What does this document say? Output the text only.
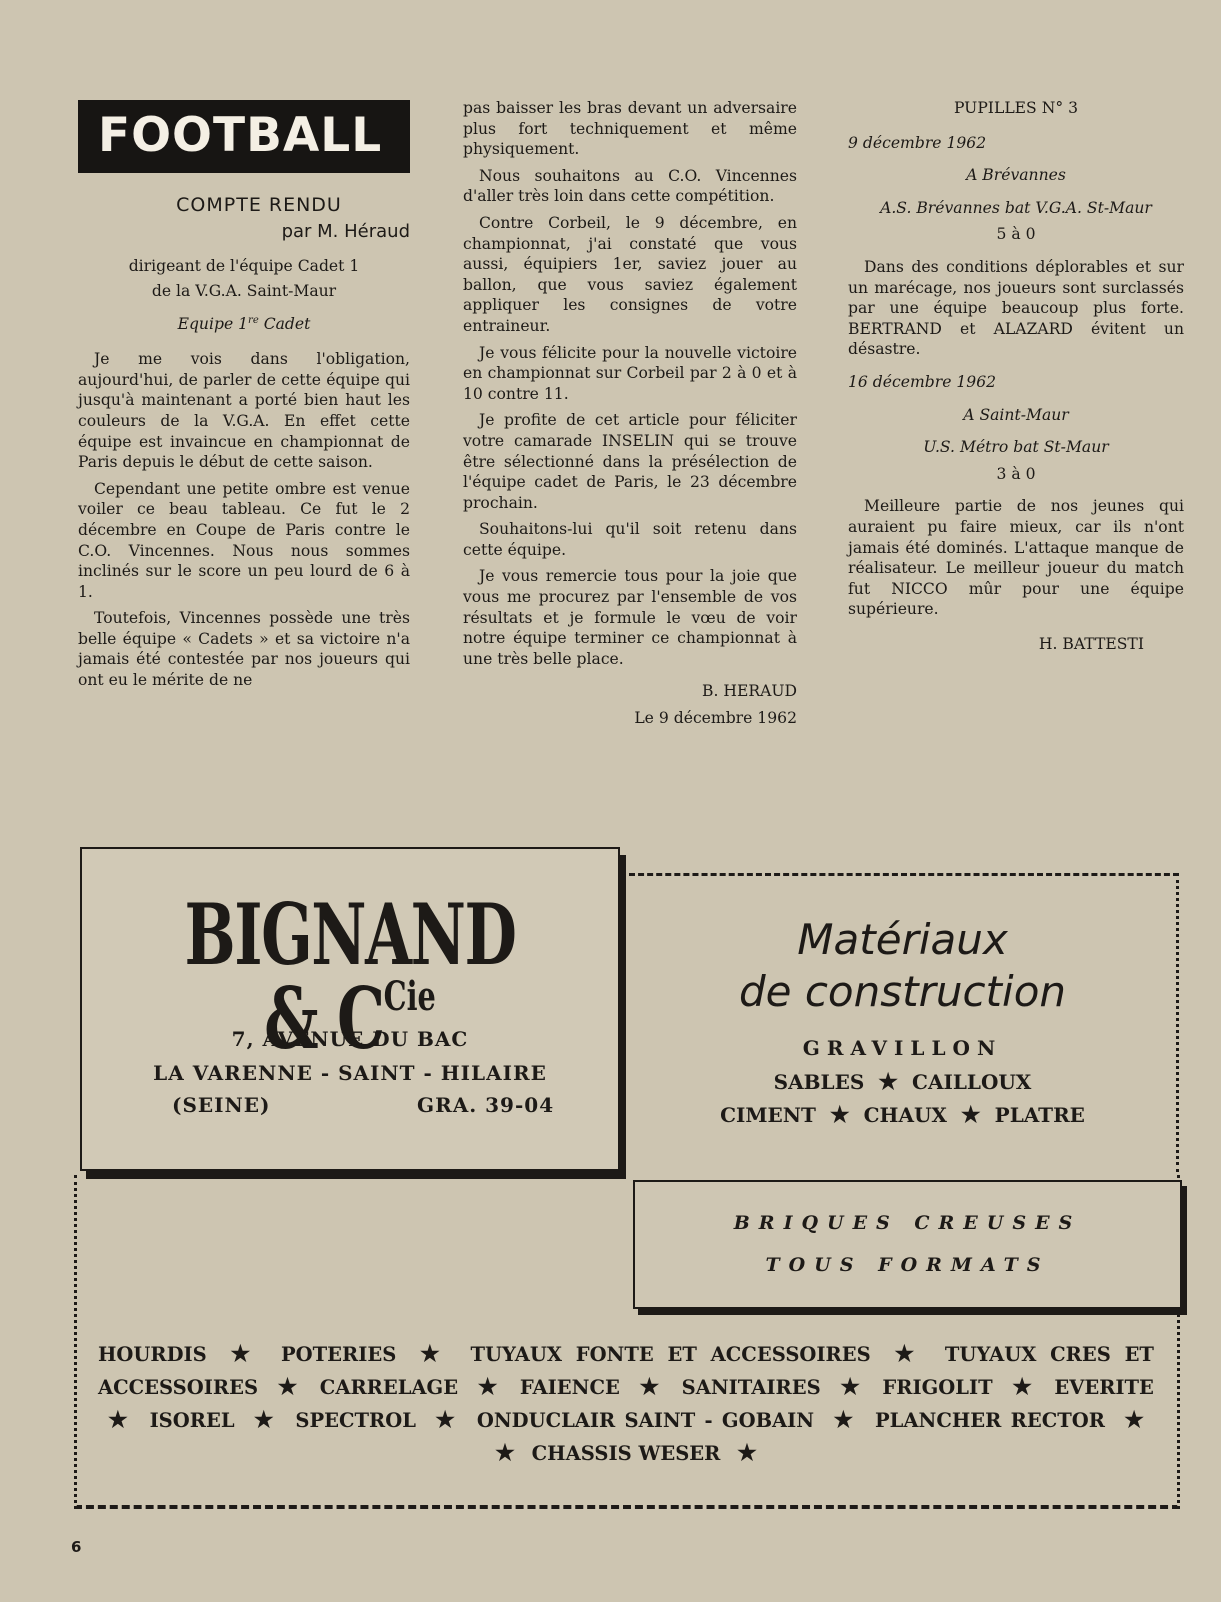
FOOTBALL
COMPTE RENDU
par M. Héraud
dirigeant de l'équipe Cadet 1
de la V.G.A. Saint-Maur
Equipe 1re Cadet

Je me vois dans l'obligation, aujourd'hui, de parler de cette équipe qui jusqu'à maintenant a porté bien haut les couleurs de la V.G.A. En effet cette équipe est invaincue en championnat de Paris depuis le début de cette saison.

Cependant une petite ombre est venue voiler ce beau tableau. Ce fut le 2 décembre en Coupe de Paris contre le C.O. Vincennes. Nous nous sommes inclinés sur le score un peu lourd de 6 à 1.

Toutefois, Vincennes possède une très belle équipe « Cadets » et sa victoire n'a jamais été contestée par nos joueurs qui ont eu le mérite de ne

pas baisser les bras devant un adversaire plus fort techniquement et même physiquement.

Nous souhaitons au C.O. Vincennes d'aller très loin dans cette compétition.

Contre Corbeil, le 9 décembre, en championnat, j'ai constaté que vous aussi, équipiers 1er, saviez jouer au ballon, que vous saviez également appliquer les consignes de votre entraineur.

Je vous félicite pour la nouvelle victoire en championnat sur Corbeil par 2 à 0 et à 10 contre 11.

Je profite de cet article pour féliciter votre camarade INSELIN qui se trouve être sélectionné dans la présélection de l'équipe cadet de Paris, le 23 décembre prochain.

Souhaitons-lui qu'il soit retenu dans cette équipe.

Je vous remercie tous pour la joie que vous me procurez par l'ensemble de vos résultats et je formule le vœu de voir notre équipe terminer ce championnat à une très belle place.

B. HERAUD
Le 9 décembre 1962
PUPILLES N° 3
9 décembre 1962
A Brévannes
A.S. Brévannes bat V.G.A. St-Maur
5 à 0

Dans des conditions déplorables et sur un marécage, nos joueurs sont surclassés par une équipe beaucoup plus forte. BERTRAND et ALAZARD évitent un désastre.

16 décembre 1962
A Saint-Maur
U.S. Métro bat St-Maur
3 à 0

Meilleure partie de nos jeunes qui auraient pu faire mieux, car ils n'ont jamais été dominés. L'attaque manque de réalisateur. Le meilleur joueur du match fut NICCO mûr pour une équipe supérieure.

H. BATTESTI
BIGNAND & $C^{Cie}$
7, AVENUE DU BAC
LA VARENNE - SAINT - HILAIRE
(SEINE)	GRA. 39-04
Matériaux
de construction
GRAVILLON
SABLES ★ CAILLOUX
CIMENT ★ CHAUX ★ PLATRE
BRIQUES CREUSES
TOUS FORMATS
HOURDIS ★ POTERIES ★ TUYAUX FONTE ET ACCESSOIRES ★ TUYAUX CRES ET ACCESSOIRES ★ CARRELAGE ★ FAIENCE ★ SANITAIRES ★ FRIGOLIT ★ EVERITE ★ ISOREL ★ SPECTROL ★ ONDUCLAIR SAINT - GOBAIN ★ PLANCHER RECTOR ★ ★ CHASSIS WESER ★
6
